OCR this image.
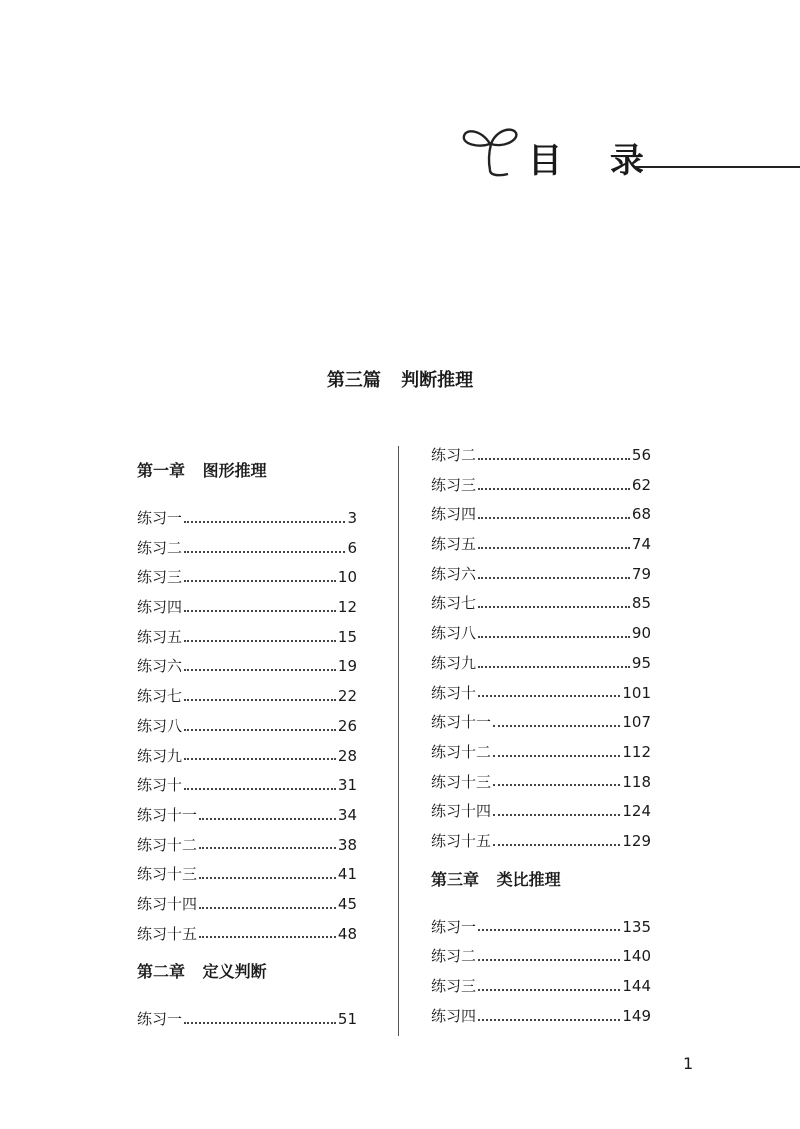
目 录
第三篇 判断推理
第一章 图形推理
练习一	3
练习二	6
练习三	10
练习四	12
练习五	15
练习六	19
练习七	22
练习八	26
练习九	28
练习十	31
练习十一	34
练习十二	38
练习十三	41
练习十四	45
练习十五	48
第二章 定义判断
练习一	51
练习二	56
练习三	62
练习四	68
练习五	74
练习六	79
练习七	85
练习八	90
练习九	95
练习十	101
练习十一	107
练习十二	112
练习十三	118
练习十四	124
练习十五	129
第三章 类比推理
练习一	135
练习二	140
练习三	144
练习四	149
1
